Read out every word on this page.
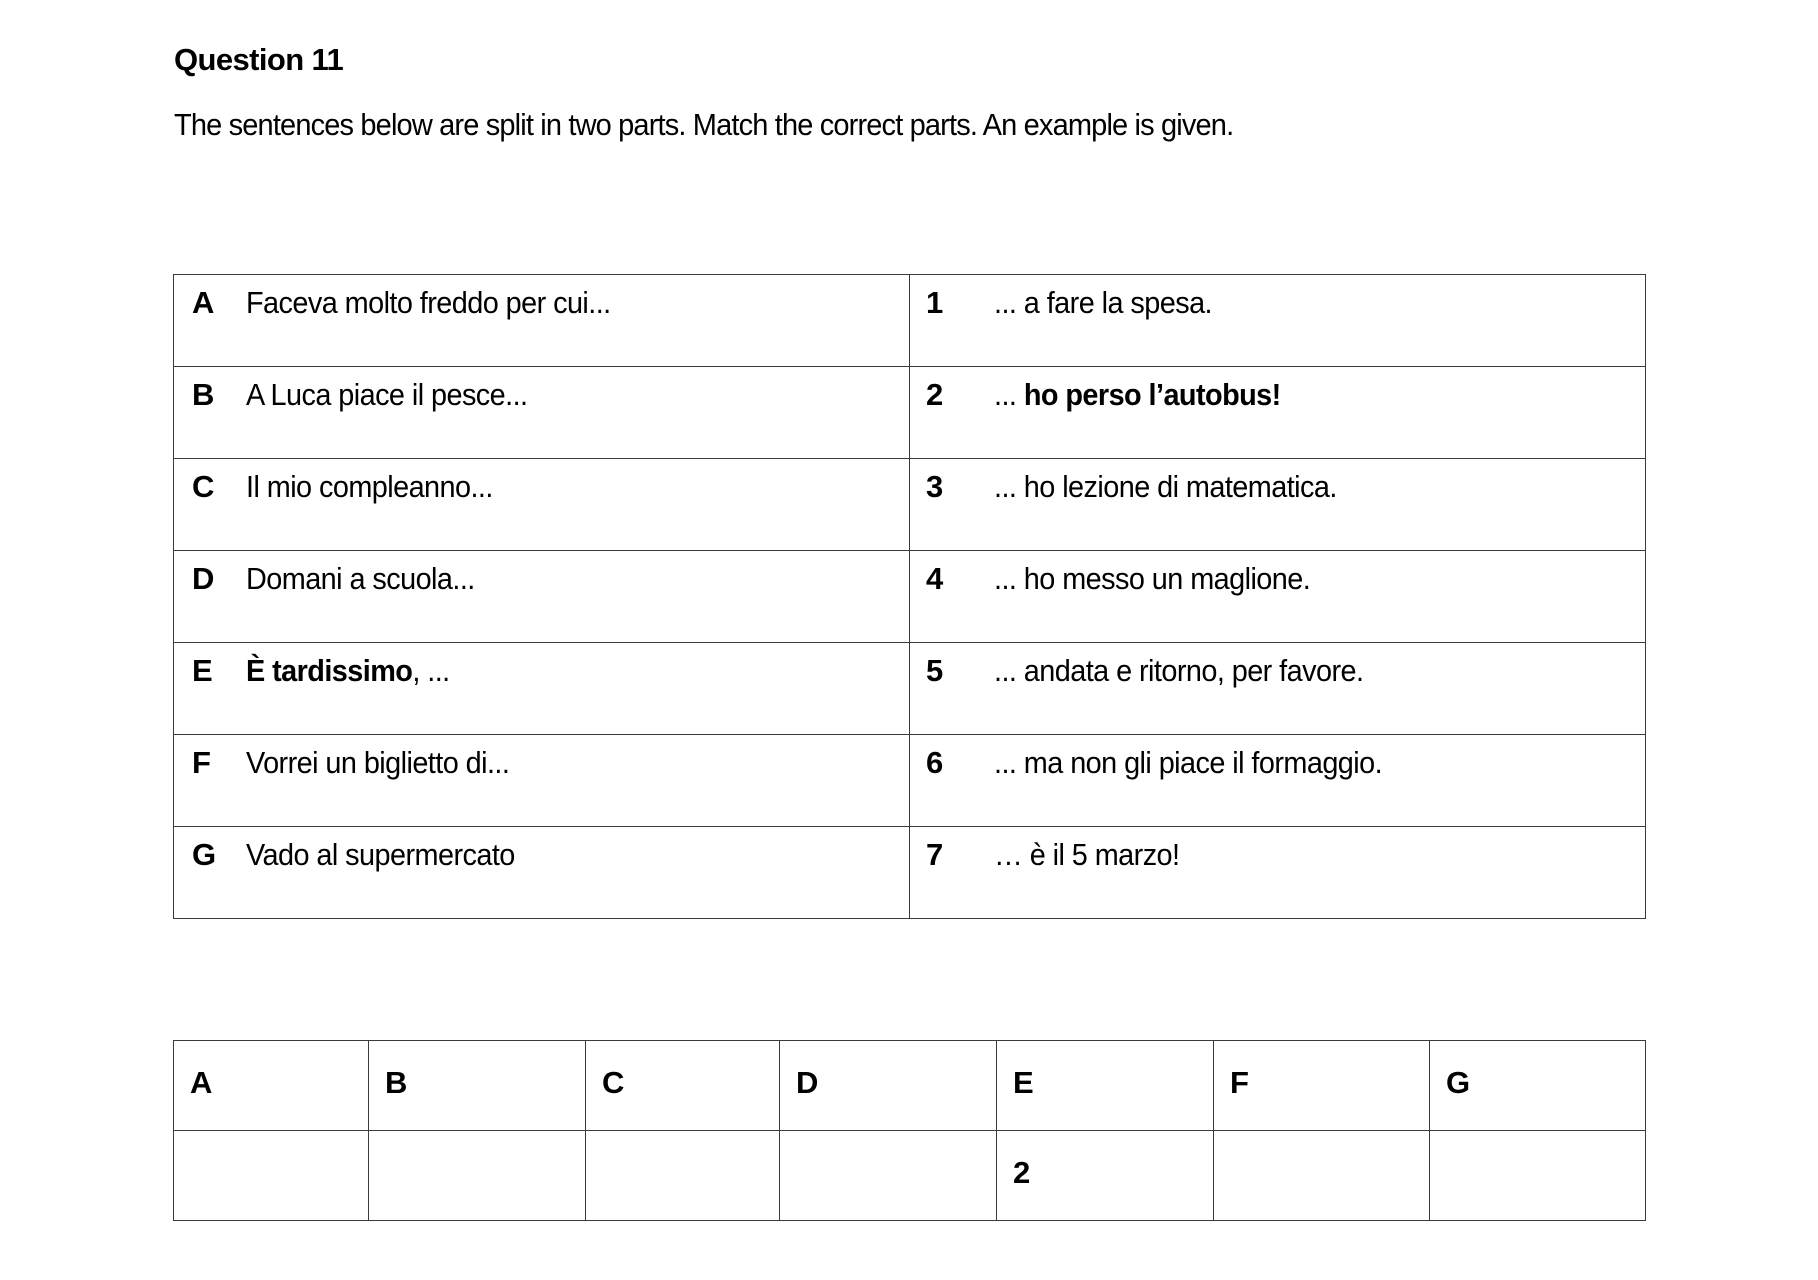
Question 11

The sentences below are split in two parts. Match the correct parts. An example is given.

A Faceva molto freddo per cui...	1 ... a fare la spesa.

B A Luca piace il pesce...	2 ... ho perso l’autobus!

C Il mio compleanno...	3 ... ho lezione di matematica.

D Domani a scuola...	4 ... ho messo un maglione.

E È tardissimo, ...	5 ... andata e ritorno, per favore.

F Vorrei un biglietto di...	6 ... ma non gli piace il formaggio.

G Vado al supermercato	7 … è il 5 marzo!
A	B	C	D	E	F	G

				2		
